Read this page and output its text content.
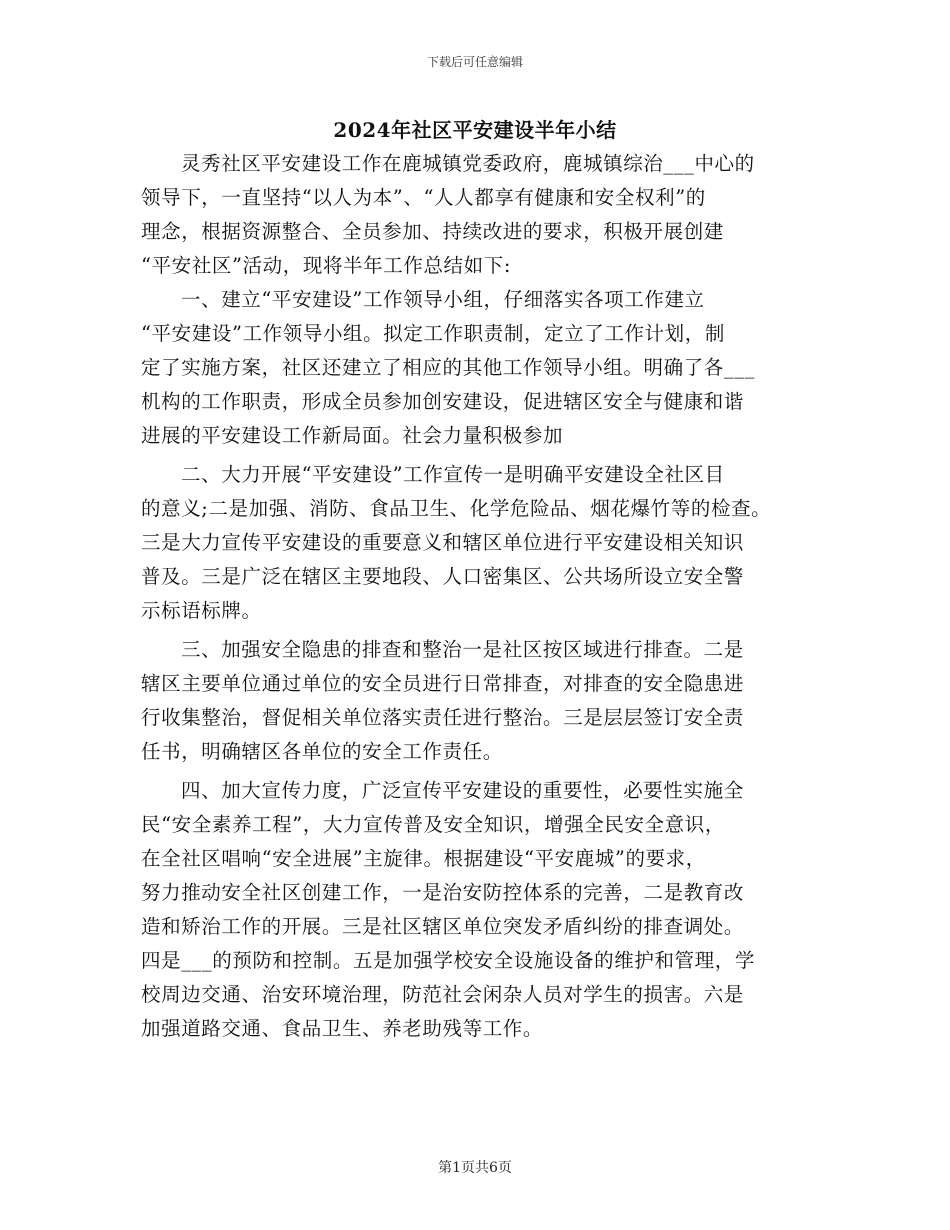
下载后可任意编辑
2024年社区平安建设半年小结
灵秀社区平安建设工作在鹿城镇党委政府，鹿城镇综治___中心的
领导下，一直坚持“以人为本”、“人人都享有健康和安全权利”的
理念，根据资源整合、全员参加、持续改进的要求，积极开展创建
“平安社区”活动，现将半年工作总结如下:
一、建立“平安建设”工作领导小组，仔细落实各项工作建立
“平安建设”工作领导小组。拟定工作职责制，定立了工作计划，制
定了实施方案，社区还建立了相应的其他工作领导小组。明确了各___
机构的工作职责，形成全员参加创安建设，促进辖区安全与健康和谐
进展的平安建设工作新局面。社会力量积极参加
二、大力开展“平安建设”工作宣传一是明确平安建设全社区目
的意义;二是加强、消防、食品卫生、化学危险品、烟花爆竹等的检查。
三是大力宣传平安建设的重要意义和辖区单位进行平安建设相关知识
普及。三是广泛在辖区主要地段、人口密集区、公共场所设立安全警
示标语标牌。
三、加强安全隐患的排查和整治一是社区按区域进行排查。二是
辖区主要单位通过单位的安全员进行日常排查，对排查的安全隐患进
行收集整治，督促相关单位落实责任进行整治。三是层层签订安全责
任书，明确辖区各单位的安全工作责任。
四、加大宣传力度，广泛宣传平安建设的重要性，必要性实施全
民“安全素养工程”，大力宣传普及安全知识，增强全民安全意识，
在全社区唱响“安全进展”主旋律。根据建设“平安鹿城”的要求，
努力推动安全社区创建工作，一是治安防控体系的完善，二是教育改
造和矫治工作的开展。三是社区辖区单位突发矛盾纠纷的排查调处。
四是___的预防和控制。五是加强学校安全设施设备的维护和管理，学
校周边交通、治安环境治理，防范社会闲杂人员对学生的损害。六是
加强道路交通、食品卫生、养老助残等工作。
第1页共6页
